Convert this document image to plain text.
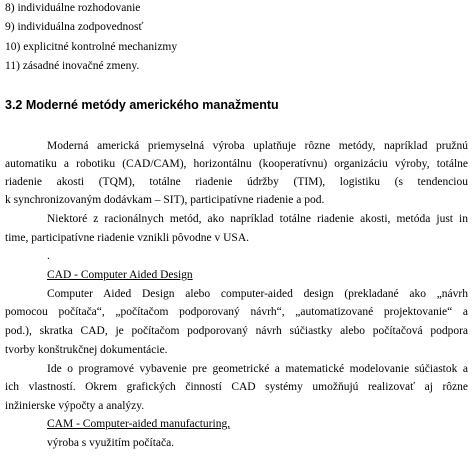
8) individuálne rozhodovanie
9) individuálna zodpovednosť
10) explicitné kontrolné mechanizmy
11) zásadné inovačné zmeny.
3.2 Moderné metódy amerického manažmentu
Moderná americká priemyselná výroba uplatňuje rôzne metódy, napríklad pružnú
automatiku a robotiku (CAD/CAM), horizontálnu (kooperatívnu) organizáciu výroby, totálne
riadenie akosti (TQM), totálne riadenie údržby (TIM), logistiku (s tendenciou
k synchronizovaným dodávkam – SIT), participatívne riadenie a pod.
Niektoré z racionálnych metód, ako napríklad totálne riadenie akosti, metóda just in
time, participatívne riadenie vznikli pôvodne v USA.
.
CAD - Computer Aided Design
Computer Aided Design alebo computer-aided design (prekladané ako „návrh
pomocou počítača“, „počítačom podporovaný návrh“, „automatizované projektovanie“ a
pod.), skratka CAD, je počítačom podporovaný návrh súčiastky alebo počítačová podpora
tvorby konštrukčnej dokumentácie.
Ide o programové vybavenie pre geometrické a matematické modelovanie súčiastok a
ich vlastností. Okrem grafických činností CAD systémy umožňujú realizovať aj rôzne
inžinierske výpočty a analýzy.
CAM - Computer-aided manufacturing,
výroba s využitím počítača.
